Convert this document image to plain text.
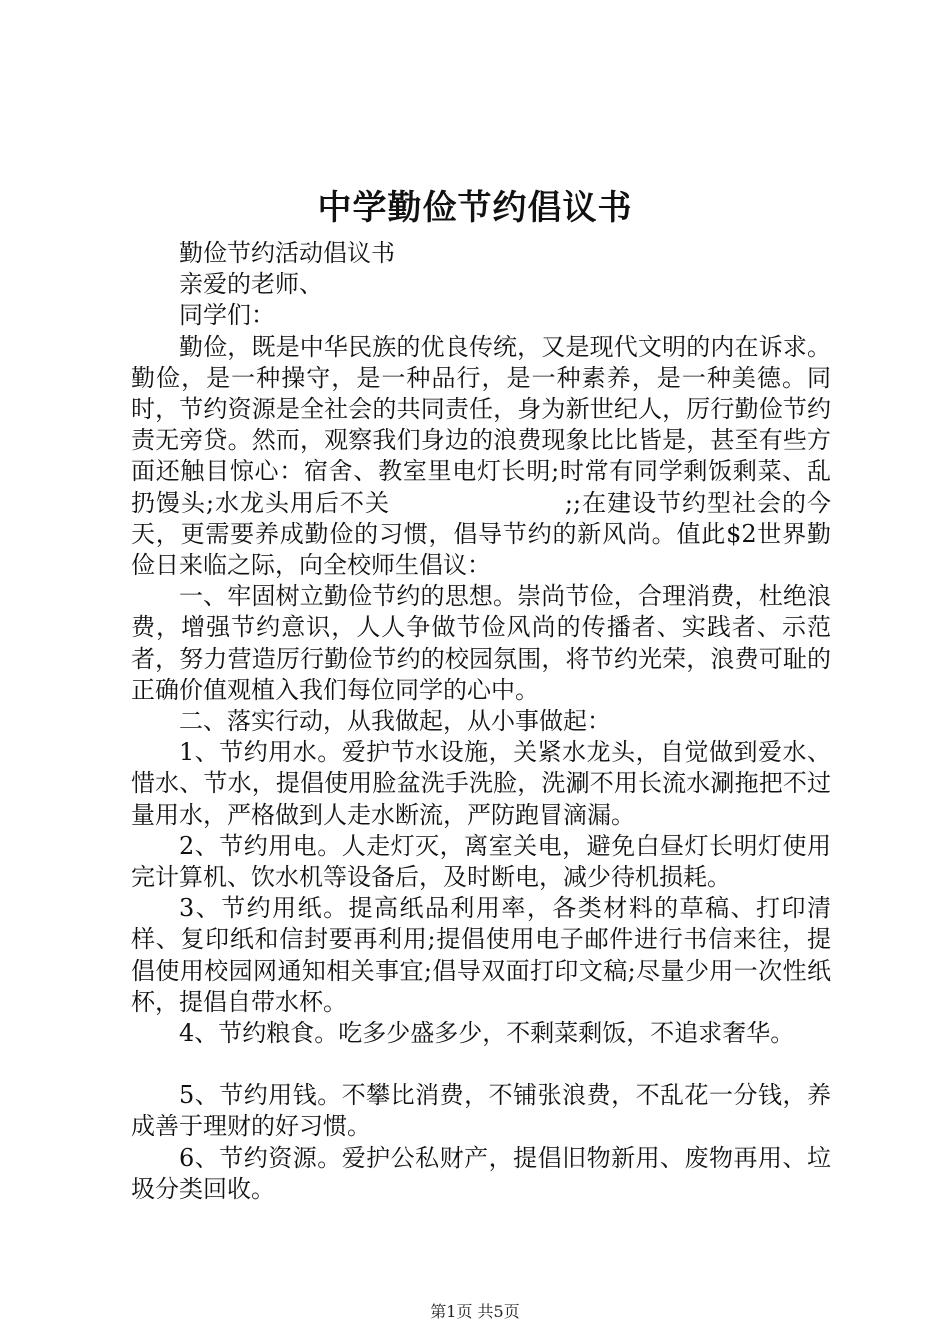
中学勤俭节约倡议书

勤俭节约活动倡议书

亲爱的老师、

同学们：

勤俭，既是中华民族的优良传统，又是现代文明的内在诉求。勤俭，是一种操守，是一种品行，是一种素养，是一种美德。同时，节约资源是全社会的共同责任，身为新世纪人，厉行勤俭节约责无旁贷。然而，观察我们身边的浪费现象比比皆是，甚至有些方面还触目惊心：宿舍、教室里电灯长明;时常有同学剩饭剩菜、乱扔馒头;水龙头用后不关　　　　　　　;;在建设节约型社会的今天，更需要养成勤俭的习惯，倡导节约的新风尚。值此$2世界勤俭日来临之际，向全校师生倡议：

一、牢固树立勤俭节约的思想。崇尚节俭，合理消费，杜绝浪费，增强节约意识，人人争做节俭风尚的传播者、实践者、示范者，努力营造厉行勤俭节约的校园氛围，将节约光荣，浪费可耻的正确价值观植入我们每位同学的心中。

二、落实行动，从我做起，从小事做起：

1、节约用水。爱护节水设施，关紧水龙头，自觉做到爱水、惜水、节水，提倡使用脸盆洗手洗脸，洗涮不用长流水涮拖把不过量用水，严格做到人走水断流，严防跑冒滴漏。

2、节约用电。人走灯灭，离室关电，避免白昼灯长明灯使用完计算机、饮水机等设备后，及时断电，减少待机损耗。

3、节约用纸。提高纸品利用率，各类材料的草稿、打印清样、复印纸和信封要再利用;提倡使用电子邮件进行书信来往，提倡使用校园网通知相关事宜;倡导双面打印文稿;尽量少用一次性纸杯，提倡自带水杯。

4、节约粮食。吃多少盛多少，不剩菜剩饭，不追求奢华。

5、节约用钱。不攀比消费，不铺张浪费，不乱花一分钱，养成善于理财的好习惯。

6、节约资源。爱护公私财产，提倡旧物新用、废物再用、垃圾分类回收。

第1页 共5页
